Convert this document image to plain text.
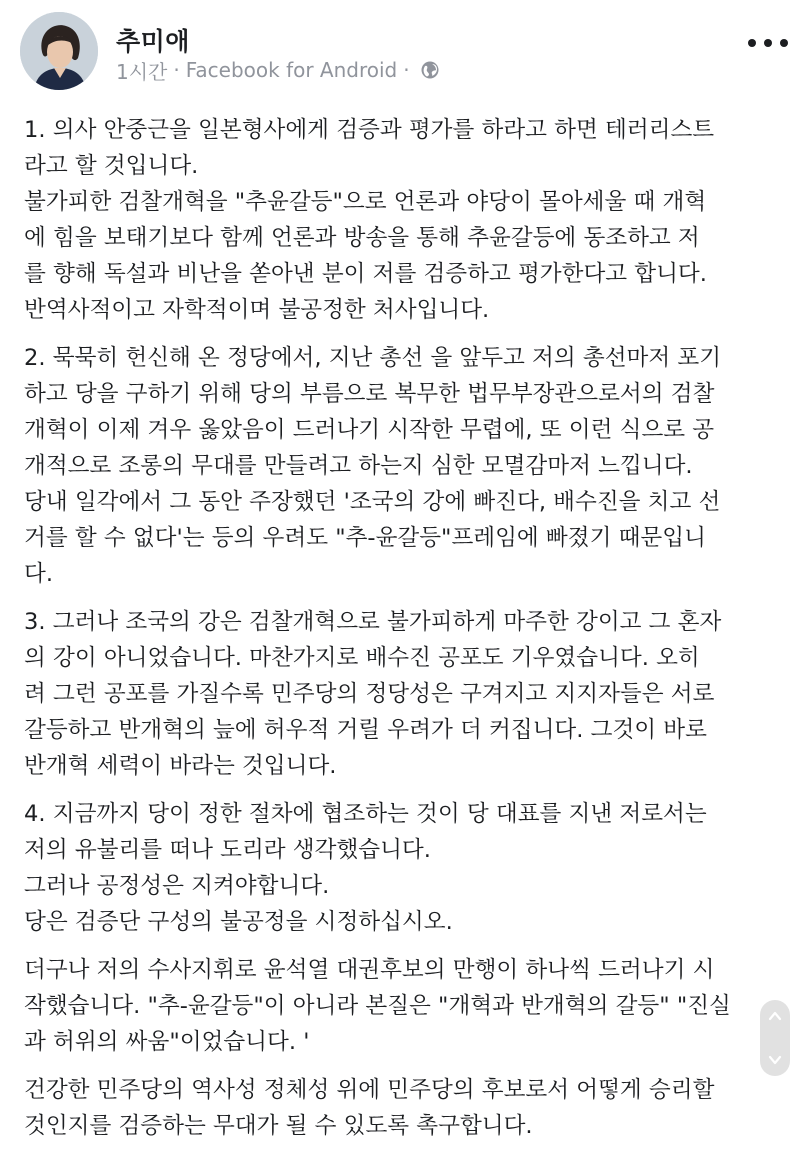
추미애
1시간 · Facebook for Android ·

1. 의사 안중근을 일본형사에게 검증과 평가를 하라고 하면 테러리스트
라고 할 것입니다.
불가피한 검찰개혁을 "추윤갈등"으로 언론과 야당이 몰아세울 때 개혁
에 힘을 보태기보다 함께 언론과 방송을 통해 추윤갈등에 동조하고 저
를 향해 독설과 비난을 쏟아낸 분이 저를 검증하고 평가한다고 합니다.
반역사적이고 자학적이며 불공정한 처사입니다.

2. 묵묵히 헌신해 온 정당에서, 지난 총선 을 앞두고 저의 총선마저 포기
하고 당을 구하기 위해 당의 부름으로 복무한 법무부장관으로서의 검찰
개혁이 이제 겨우 옳았음이 드러나기 시작한 무렵에, 또 이런 식으로 공
개적으로 조롱의 무대를 만들려고 하는지 심한 모멸감마저 느낍니다.
당내 일각에서 그 동안 주장했던 '조국의 강에 빠진다, 배수진을 치고 선
거를 할 수 없다'는 등의 우려도 "추-윤갈등"프레임에 빠졌기 때문입니
다.

3. 그러나 조국의 강은 검찰개혁으로 불가피하게 마주한 강이고 그 혼자
의 강이 아니었습니다. 마찬가지로 배수진 공포도 기우였습니다. 오히
려 그런 공포를 가질수록 민주당의 정당성은 구겨지고 지지자들은 서로
갈등하고 반개혁의 늪에 허우적 거릴 우려가 더 커집니다. 그것이 바로
반개혁 세력이 바라는 것입니다.

4. 지금까지 당이 정한 절차에 협조하는 것이 당 대표를 지낸 저로서는
저의 유불리를 떠나 도리라 생각했습니다.
그러나 공정성은 지켜야합니다.
당은 검증단 구성의 불공정을 시정하십시오.

더구나 저의 수사지휘로 윤석열 대권후보의 만행이 하나씩 드러나기 시
작했습니다. "추-윤갈등"이 아니라 본질은 "개혁과 반개혁의 갈등" "진실
과 허위의 싸움"이었습니다. '

건강한 민주당의 역사성 정체성 위에 민주당의 후보로서 어떻게 승리할
것인지를 검증하는 무대가 될 수 있도록 촉구합니다.
